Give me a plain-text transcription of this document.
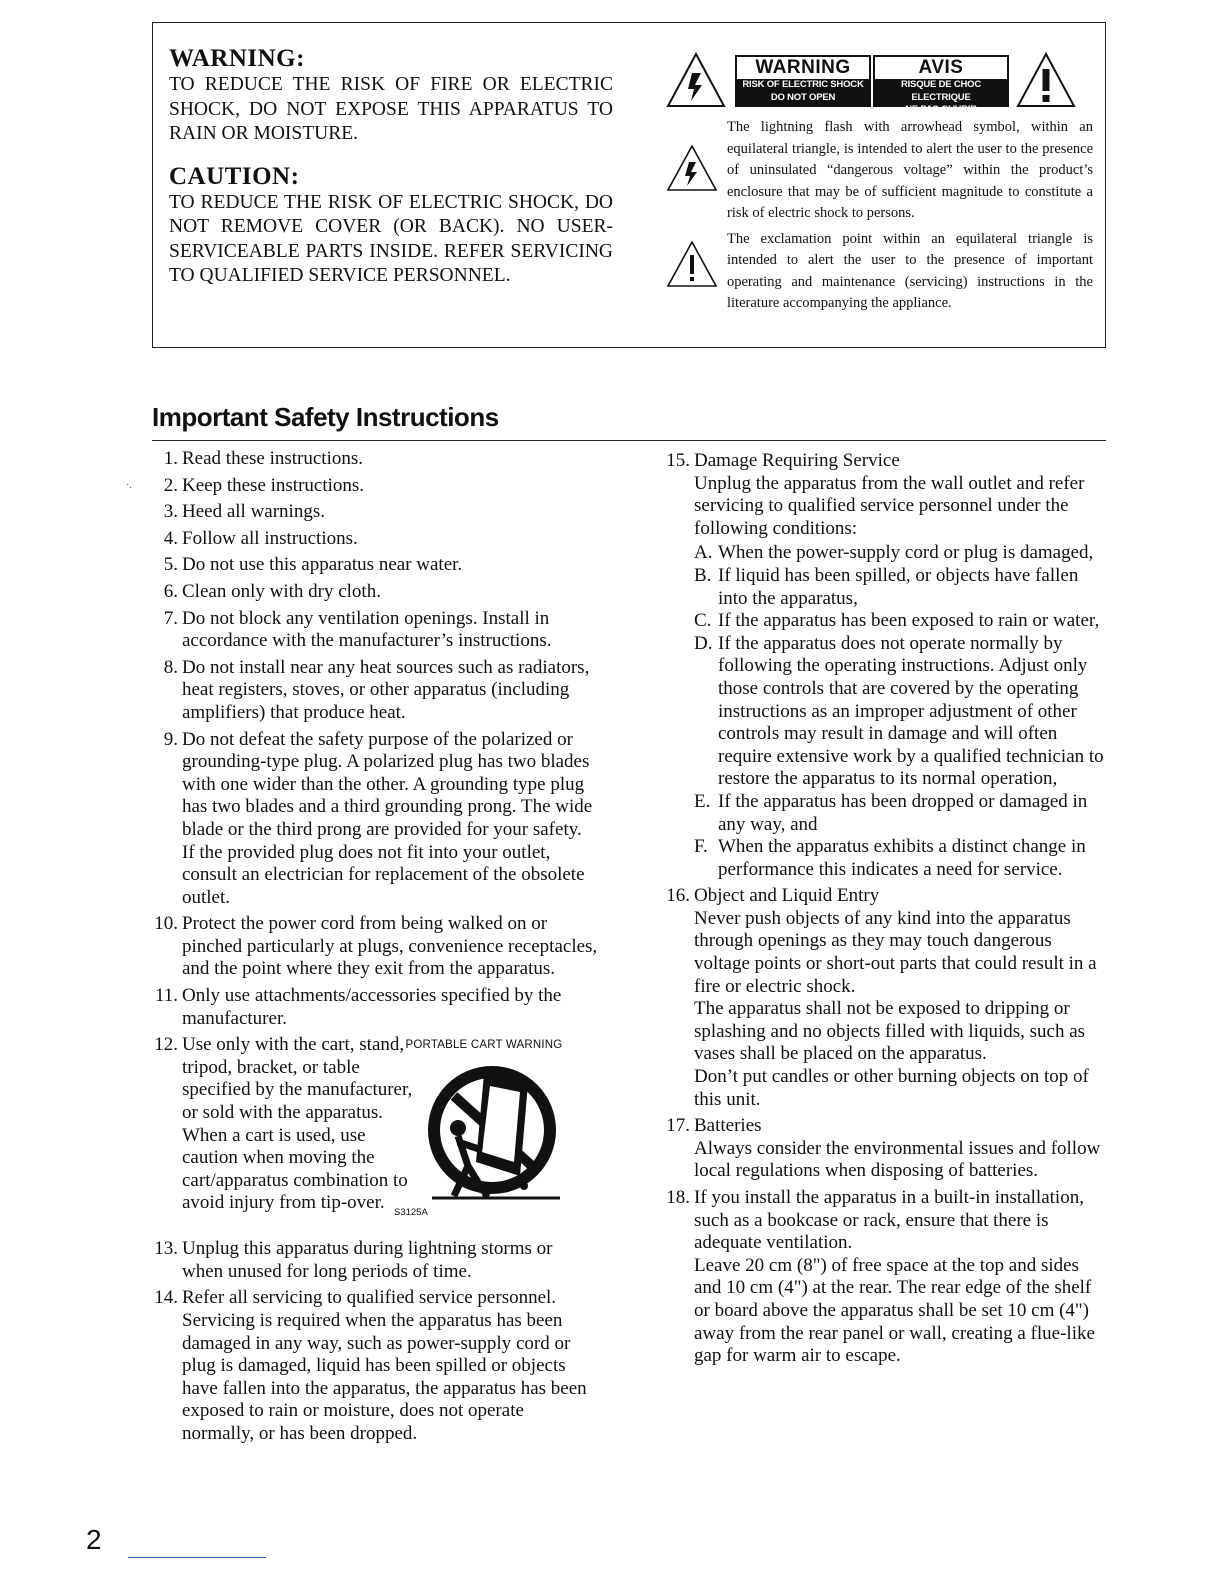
WARNING:

TO REDUCE THE RISK OF FIRE OR ELECTRIC SHOCK, DO NOT EXPOSE THIS APPARATUS TO RAIN OR MOISTURE.

CAUTION:

TO REDUCE THE RISK OF ELECTRIC SHOCK, DO NOT REMOVE COVER (OR BACK). NO USER-SERVICEABLE PARTS INSIDE. REFER SERVICING TO QUALIFIED SERVICE PERSONNEL.

WARNING
RISK OF ELECTRIC SHOCK
DO NOT OPEN
AVIS
RISQUE DE CHOC ELECTRIQUE
NE PAS OUVRIR

The lightning flash with arrowhead symbol, within an equilateral triangle, is intended to alert the user to the presence of uninsulated “dangerous voltage” within the product’s enclosure that may be of sufficient magnitude to constitute a risk of electric shock to persons.

The exclamation point within an equilateral triangle is intended to alert the user to the presence of important operating and maintenance (servicing) instructions in the literature accompanying the appliance.

Important Safety Instructions
·.
1. Read these instructions.
2. Keep these instructions.
3. Heed all warnings.
4. Follow all instructions.
5. Do not use this apparatus near water.
6. Clean only with dry cloth.
7. Do not block any ventilation openings. Install in accordance with the manufacturer’s instructions.
8. Do not install near any heat sources such as radiators, heat registers, stoves, or other apparatus (including amplifiers) that produce heat.
9. Do not defeat the safety purpose of the polarized or grounding-type plug. A polarized plug has two blades with one wider than the other. A grounding type plug has two blades and a third grounding prong. The wide blade or the third prong are provided for your safety. If the provided plug does not fit into your outlet, consult an electrician for replacement of the obsolete outlet.
10. Protect the power cord from being walked on or pinched particularly at plugs, convenience receptacles, and the point where they exit from the apparatus.
11. Only use attachments/accessories specified by the manufacturer.
12. Use only with the cart, stand, tripod, bracket, or table specified by the manufacturer, or sold with the apparatus. When a cart is used, use caution when moving the cart/apparatus combination to avoid injury from tip-over.
PORTABLE CART WARNING
S3125A
13. Unplug this apparatus during lightning storms or when unused for long periods of time.
14. Refer all servicing to qualified service personnel. Servicing is required when the apparatus has been damaged in any way, such as power-supply cord or plug is damaged, liquid has been spilled or objects have fallen into the apparatus, the apparatus has been exposed to rain or moisture, does not operate normally, or has been dropped.
15. Damage Requiring Service
Unplug the apparatus from the wall outlet and refer servicing to qualified service personnel under the following conditions:
A. When the power-supply cord or plug is damaged,
B. If liquid has been spilled, or objects have fallen into the apparatus,
C. If the apparatus has been exposed to rain or water,
D. If the apparatus does not operate normally by following the operating instructions. Adjust only those controls that are covered by the operating instructions as an improper adjustment of other controls may result in damage and will often require extensive work by a qualified technician to restore the apparatus to its normal operation,
E. If the apparatus has been dropped or damaged in any way, and
F. When the apparatus exhibits a distinct change in performance this indicates a need for service.
16. Object and Liquid Entry
Never push objects of any kind into the apparatus through openings as they may touch dangerous voltage points or short-out parts that could result in a fire or electric shock.
The apparatus shall not be exposed to dripping or splashing and no objects filled with liquids, such as vases shall be placed on the apparatus.
Don’t put candles or other burning objects on top of this unit.
17. Batteries
Always consider the environmental issues and follow local regulations when disposing of batteries.
18. If you install the apparatus in a built-in installation, such as a bookcase or rack, ensure that there is adequate ventilation.
Leave 20 cm (8") of free space at the top and sides and 10 cm (4") at the rear. The rear edge of the shelf or board above the apparatus shall be set 10 cm (4") away from the rear panel or wall, creating a flue-like gap for warm air to escape.
2
